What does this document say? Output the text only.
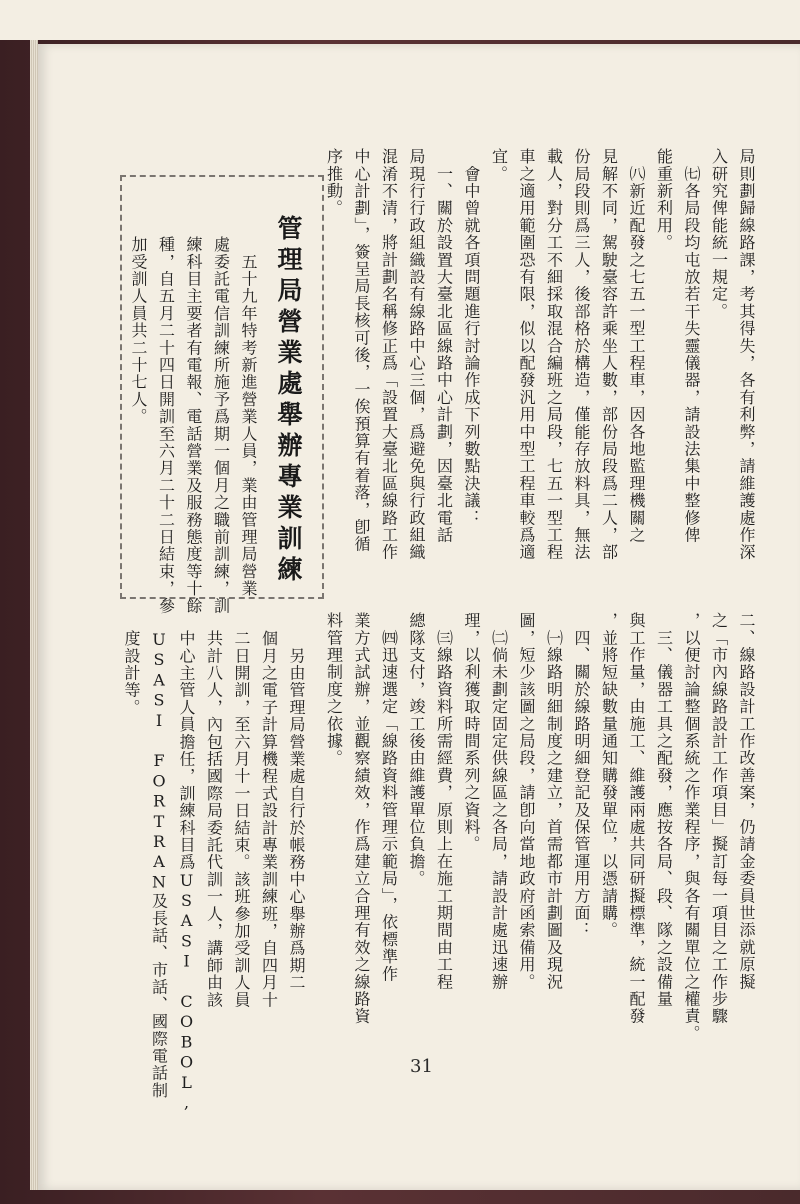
局則劃歸線路課，考其得失，各有利弊，請維護處作深
入研究俾能統一規定。
　㈦各局段均屯放若干失靈儀器，請設法集中整修俾
能重新利用。
　㈧新近配發之七五一型工程車，因各地監理機關之
見解不同，駕駛臺容許乘坐人數，部份局段爲二人，部
份局段則爲三人，後部格於構造，僅能存放料具，無法
載人，對分工不細採取混合編班之局段，七五一型工程
車之適用範圍恐有限，似以配發汎用中型工程車較爲適
宜。
　會中曾就各項問題進行討論作成下列數點決議：
　一、關於設置大臺北區線路中心計劃，因臺北電話
局現行行政組織設有線路中心三個，爲避免與行政組織
混淆不清，將計劃名稱修正爲「設置大臺北區線路工作
中心計劃」，簽呈局長核可後，一俟預算有着落，卽循
序推動。
二、線路設計工作改善案，仍請金委員世添就原擬
之「市內線路設計工作項目」擬訂每一項目之工作步驟
，以便討論整個系統之作業程序，與各有關單位之權責。
　三、儀器工具之配發，應按各局、段、隊之設備量
與工作量，由施工、維護兩處共同研擬標準，統一配發
，並將短缺數量通知購發單位，以憑請購。
　四、關於線路明細登記及保管運用方面：
　㈠線路明細制度之建立，首需都市計劃圖及現況
圖，短少該圖之局段，請卽向當地政府函索備用。
　㈡倘未劃定固定供線區之各局，請設計處迅速辦
理，以利獲取時間系列之資料。
　㈢線路資料所需經費，原則上在施工期間由工程
總隊支付，竣工後由維護單位負擔。
　㈣迅速選定「線路資料管理示範局」，依標準作
業方式試辦，並觀察績效，作爲建立合理有效之線路資
料管理制度之依據。
管理局營業處舉辦專業訓練
　五十九年特考新進營業人員，業由管理局營業
處委託電信訓練所施予爲期一個月之職前訓練，訓
練科目主要者有電報、電話營業及服務態度等十餘
種，自五月二十四日開訓至六月二十二日結束，參
加受訓人員共二十七人。
　另由管理局營業處自行於帳務中心舉辦爲期二
個月之電子計算機程式設計專業訓練班，自四月十
二日開訓，至六月十一日結束。該班參加受訓人員
共計八人，內包括國際局委託代訓一人，講師由該
中心主管人員擔任，訓練科目爲USASI
USASI FORTRAN及長話、市話、國際電話制
度設計等。
31
